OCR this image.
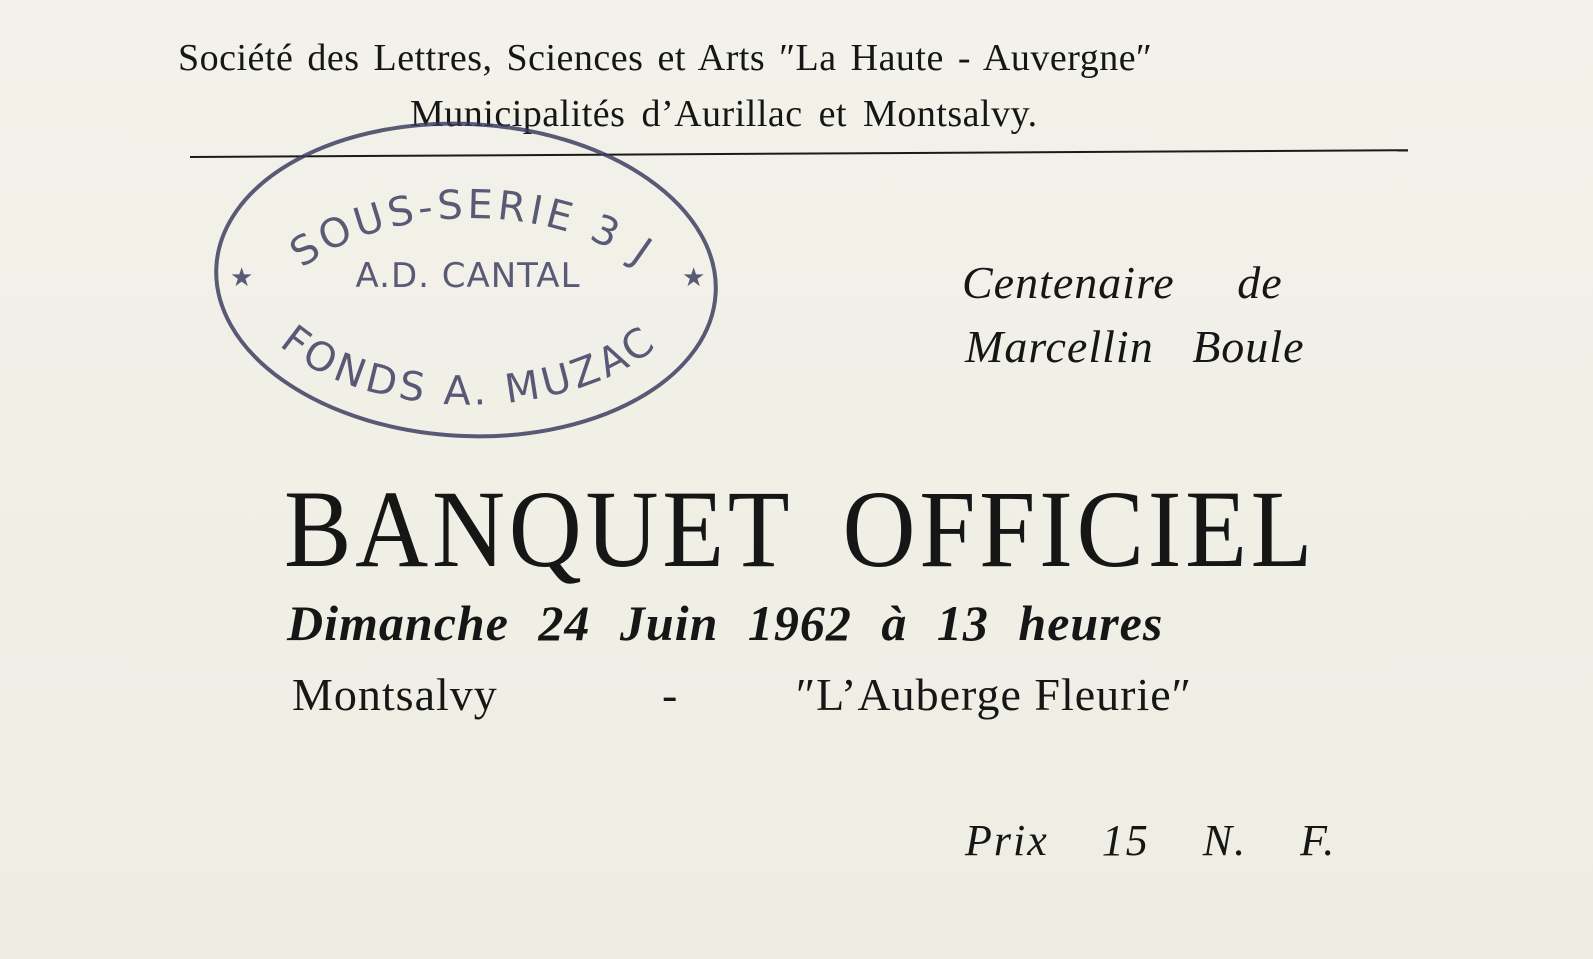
Société des Lettres, Sciences et Arts ″La Haute - Auvergne″
Municipalités d’Aurillac et Montsalvy.
SOUS-SERIE 3 J
FONDS A. MUZAC
A.D. CANTAL
★	★	Centenaire de
Marcellin Boule
BANQUET OFFICIEL
Dimanche 24 Juin 1962 à 13 heures
Montsalvy	-	″L’Auberge Fleurie″
Prix 15 N. F.
